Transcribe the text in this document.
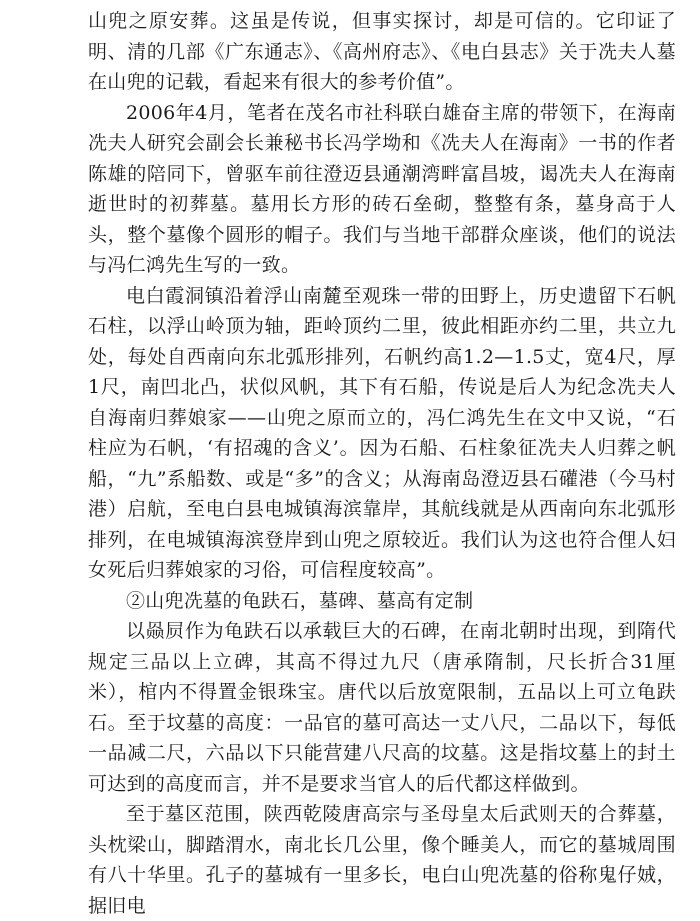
山兜之原安葬。这虽是传说，但事实探讨，却是可信的。它印证了明、清的几部《广东通志》、《高州府志》、《电白县志》关于冼夫人墓在山兜的记载，看起来有很大的参考价值”。

2006年4月，笔者在茂名市社科联白雄奋主席的带领下，在海南冼夫人研究会副会长兼秘书长冯学坳和《冼夫人在海南》一书的作者陈雄的陪同下，曾驱车前往澄迈县通潮湾畔富昌坡，谒冼夫人在海南逝世时的初葬墓。墓用长方形的砖石垒砌，整整有条，墓身高于人头，整个墓像个圆形的帽子。我们与当地干部群众座谈，他们的说法与冯仁鸿先生写的一致。

电白霞洞镇沿着浮山南麓至观珠一带的田野上，历史遗留下石帆石柱，以浮山岭顶为轴，距岭顶约二里，彼此相距亦约二里，共立九处，每处自西南向东北弧形排列，石帆约高1.2—1.5丈，宽4尺，厚1尺，南凹北凸，状似风帆，其下有石船，传说是后人为纪念冼夫人自海南归葬娘家——山兜之原而立的，冯仁鸿先生在文中又说，“石柱应为石帆，‘有招魂的含义’。因为石船、石柱象征冼夫人归葬之帆船，“九”系船数、或是“多”的含义；从海南岛澄迈县石礶港（今马村港）启航，至电白县电城镇海滨靠岸，其航线就是从西南向东北弧形排列，在电城镇海滨登岸到山兜之原较近。我们认为这也符合俚人妇女死后归葬娘家的习俗，可信程度较高”。

②山兜冼墓的龟趺石，墓碑、墓高有定制

以赑屃作为龟趺石以承载巨大的石碑，在南北朝时出现，到隋代规定三品以上立碑，其高不得过九尺（唐承隋制，尺长折合31厘米），棺内不得置金银珠宝。唐代以后放宽限制，五品以上可立龟趺石。至于坟墓的高度：一品官的墓可高达一丈八尺，二品以下，每低一品减二尺，六品以下只能营建八尺高的坟墓。这是指坟墓上的封土可达到的高度而言，并不是要求当官人的后代都这样做到。

至于墓区范围，陕西乾陵唐高宗与圣母皇太后武则天的合葬墓，头枕梁山，脚踏渭水，南北长几公里，像个睡美人，而它的墓城周围有八十华里。孔子的墓城有一里多长，电白山兜冼墓的俗称鬼仔娀，据旧电
